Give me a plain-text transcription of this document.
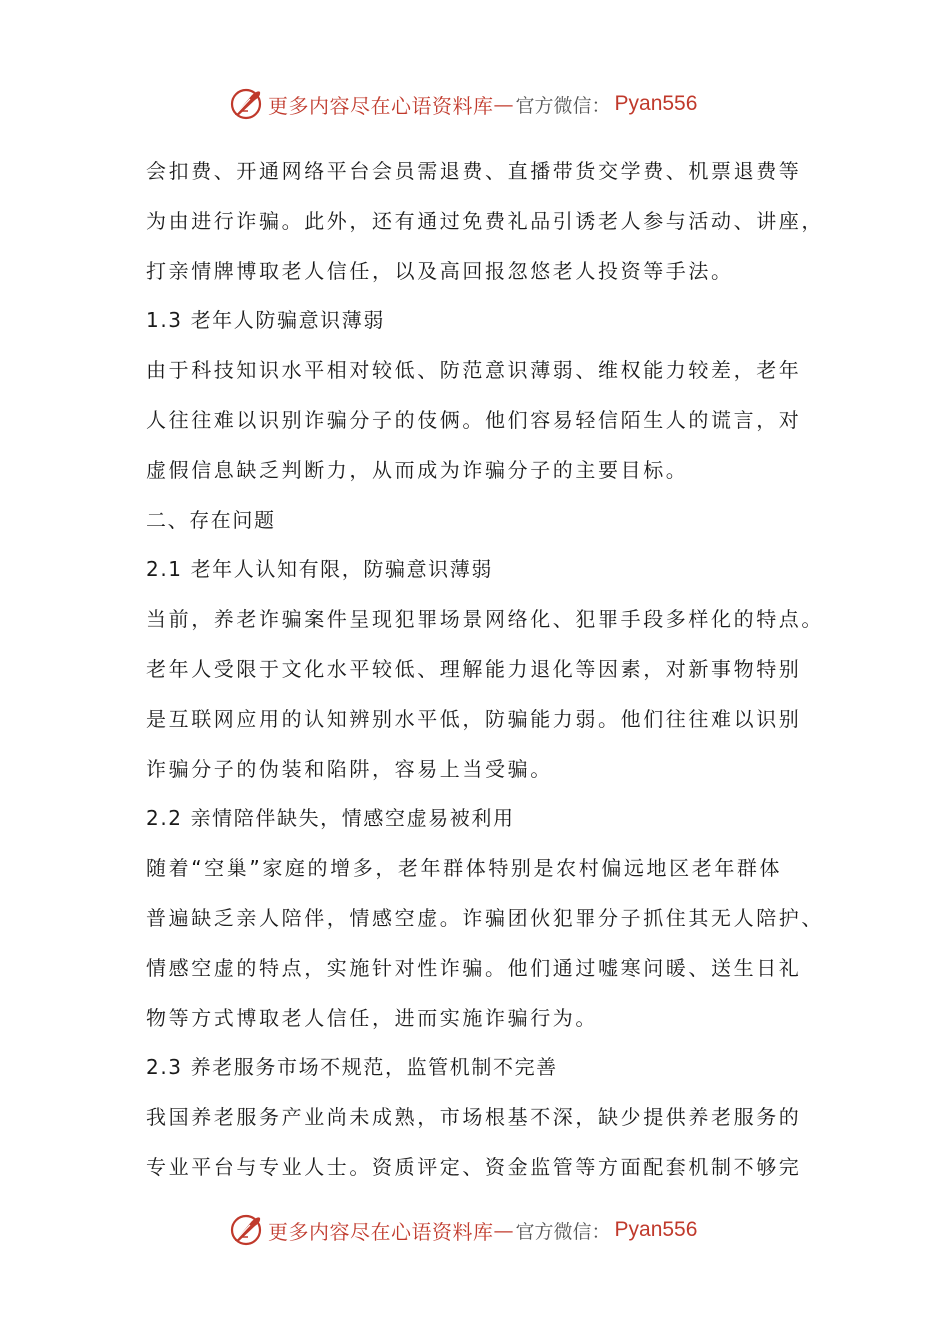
更多内容尽在心语资料库 — 官方微信： Pyan556
会扣费、开通网络平台会员需退费、直播带货交学费、机票退费等
为由进行诈骗。此外，还有通过免费礼品引诱老人参与活动、讲座，
打亲情牌博取老人信任，以及高回报忽悠老人投资等手法。
1.3 老年人防骗意识薄弱
由于科技知识水平相对较低、防范意识薄弱、维权能力较差，老年
人往往难以识别诈骗分子的伎俩。他们容易轻信陌生人的谎言，对
虚假信息缺乏判断力，从而成为诈骗分子的主要目标。
二、存在问题
2.1 老年人认知有限，防骗意识薄弱
当前，养老诈骗案件呈现犯罪场景网络化、犯罪手段多样化的特点。
老年人受限于文化水平较低、理解能力退化等因素，对新事物特别
是互联网应用的认知辨别水平低，防骗能力弱。他们往往难以识别
诈骗分子的伪装和陷阱，容易上当受骗。
2.2 亲情陪伴缺失，情感空虚易被利用
随着“空巢”家庭的增多，老年群体特别是农村偏远地区老年群体
普遍缺乏亲人陪伴，情感空虚。诈骗团伙犯罪分子抓住其无人陪护、
情感空虚的特点，实施针对性诈骗。他们通过嘘寒问暖、送生日礼
物等方式博取老人信任，进而实施诈骗行为。
2.3 养老服务市场不规范，监管机制不完善
我国养老服务产业尚未成熟，市场根基不深，缺少提供养老服务的
专业平台与专业人士。资质评定、资金监管等方面配套机制不够完
更多内容尽在心语资料库 — 官方微信： Pyan556
